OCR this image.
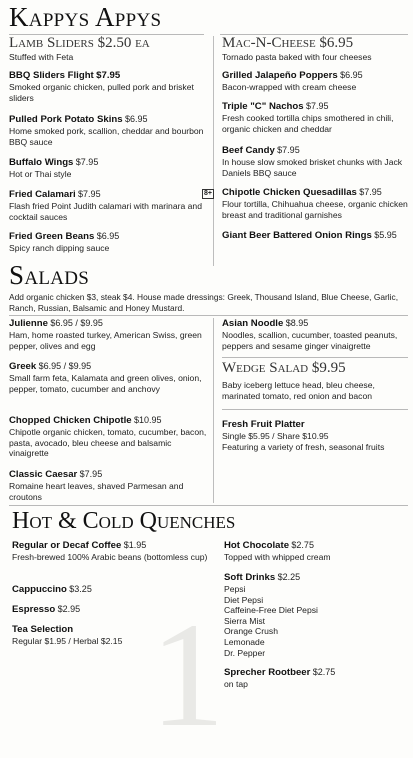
1
Kappys Appys
Lamb Sliders $2.50 ea
Stuffed with Feta
Mac-N-Cheese $6.95
Tornado pasta baked with four cheeses
BBQ Sliders Flight $7.95
Smoked organic chicken, pulled pork and brisket sliders
Pulled Pork Potato Skins $6.95
Home smoked pork, scallion, cheddar and bourbon BBQ sauce
Buffalo Wings $7.95
Hot or Thai style
Fried Calamari $7.95
Flash fried Point Judith calamari with marinara and cocktail sauces
Fried Green Beans $6.95
Spicy ranch dipping sauce
Grilled Jalapeño Poppers $6.95
Bacon-wrapped with cream cheese
Triple "C" Nachos $7.95
Fresh cooked tortilla chips smothered in chili, organic chicken and cheddar
Beef Candy $7.95
In house slow smoked brisket chunks with Jack Daniels BBQ sauce
8+ Chipotle Chicken Quesadillas $7.95
Flour tortilla, Chihuahua cheese, organic chicken breast and traditional garnishes
Giant Beer Battered Onion Rings $5.95
Salads
Add organic chicken $3, steak $4. House made dressings: Greek, Thousand Island, Blue Cheese, Garlic, Ranch, Russian, Balsamic and Honey Mustard.
Julienne $6.95 / $9.95
Ham, home roasted turkey, American Swiss, green pepper, olives and egg
Greek $6.95 / $9.95
Small farm feta, Kalamata and green olives, onion, pepper, tomato, cucumber and anchovy
Chopped Chicken Chipotle $10.95
Chipotle organic chicken, tomato, cucumber, bacon, pasta, avocado, bleu cheese and balsamic vinaigrette
Classic Caesar $7.95
Romaine heart leaves, shaved Parmesan and croutons
Asian Noodle $8.95
Noodles, scallion, cucumber, toasted peanuts, peppers and sesame ginger vinaigrette
Wedge Salad $9.95
Baby iceberg lettuce head, bleu cheese, marinated tomato, red onion and bacon
Fresh Fruit Platter
Single $5.95 / Share $10.95
Featuring a variety of fresh, seasonal fruits
Hot & Cold Quenches
Regular or Decaf Coffee $1.95
Fresh-brewed 100% Arabic beans (bottomless cup)
Cappuccino $3.25
Espresso $2.95
Tea Selection
Regular $1.95 / Herbal $2.15
Hot Chocolate $2.75
Topped with whipped cream
Soft Drinks $2.25
Pepsi
Diet Pepsi
Caffeine-Free Diet Pepsi
Sierra Mist
Orange Crush
Lemonade
Dr. Pepper
Sprecher Rootbeer $2.75
on tap
